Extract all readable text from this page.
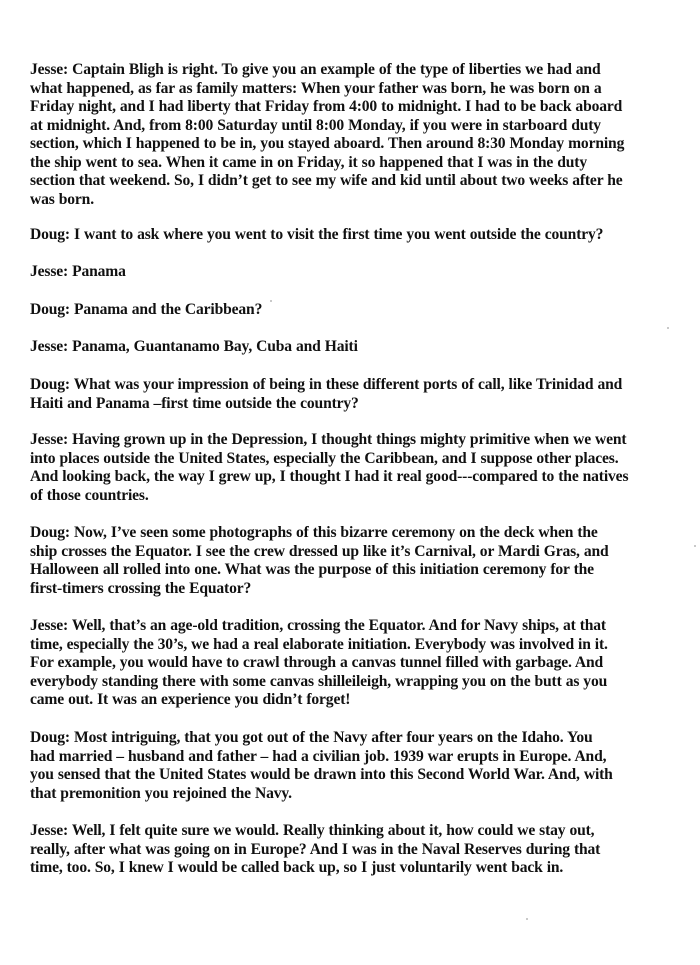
Jesse: Captain Bligh is right. To give you an example of the type of liberties we had and
what happened, as far as family matters: When your father was born, he was born on a
Friday night, and I had liberty that Friday from 4:00 to midnight. I had to be back aboard
at midnight. And, from 8:00 Saturday until 8:00 Monday, if you were in starboard duty
section, which I happened to be in, you stayed aboard. Then around 8:30 Monday morning
the ship went to sea. When it came in on Friday, it so happened that I was in the duty
section that weekend. So, I didn’t get to see my wife and kid until about two weeks after he
was born.
Doug: I want to ask where you went to visit the first time you went outside the country?
Jesse: Panama
Doug: Panama and the Caribbean?
Jesse: Panama, Guantanamo Bay, Cuba and Haiti
Doug: What was your impression of being in these different ports of call, like Trinidad and
Haiti and Panama –first time outside the country?
Jesse: Having grown up in the Depression, I thought things mighty primitive when we went
into places outside the United States, especially the Caribbean, and I suppose other places.
And looking back, the way I grew up, I thought I had it real good---compared to the natives
of those countries.
Doug: Now, I’ve seen some photographs of this bizarre ceremony on the deck when the
ship crosses the Equator. I see the crew dressed up like it’s Carnival, or Mardi Gras, and
Halloween all rolled into one. What was the purpose of this initiation ceremony for the
first-timers crossing the Equator?
Jesse: Well, that’s an age-old tradition, crossing the Equator. And for Navy ships, at that
time, especially the 30’s, we had a real elaborate initiation. Everybody was involved in it.
For example, you would have to crawl through a canvas tunnel filled with garbage. And
everybody standing there with some canvas shilleileigh, wrapping you on the butt as you
came out. It was an experience you didn’t forget!
Doug: Most intriguing, that you got out of the Navy after four years on the Idaho. You
had married – husband and father – had a civilian job. 1939 war erupts in Europe. And,
you sensed that the United States would be drawn into this Second World War. And, with
that premonition you rejoined the Navy.
Jesse: Well, I felt quite sure we would. Really thinking about it, how could we stay out,
really, after what was going on in Europe? And I was in the Naval Reserves during that
time, too. So, I knew I would be called back up, so I just voluntarily went back in.
